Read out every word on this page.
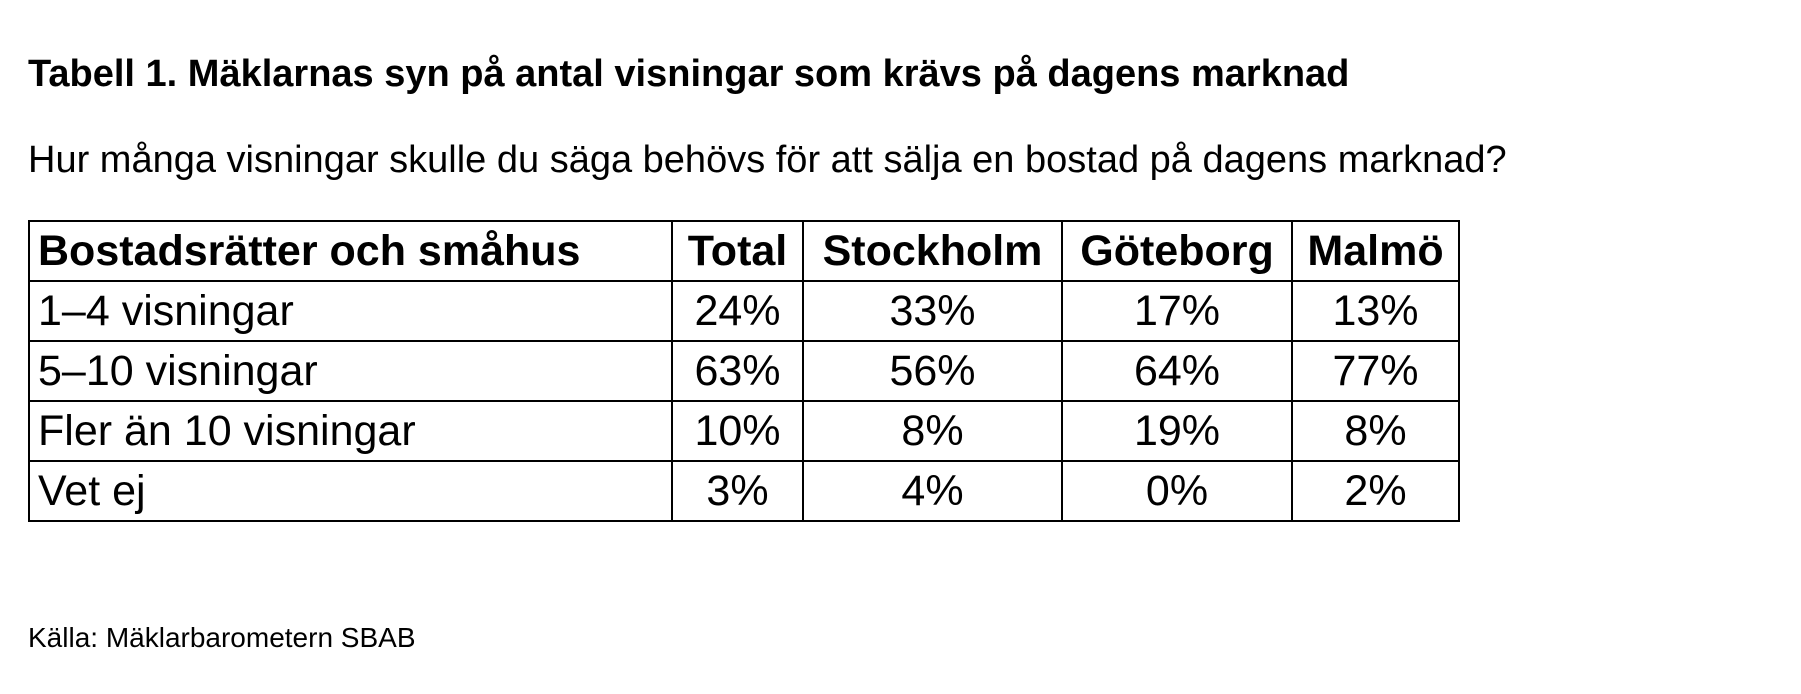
Tabell 1. Mäklarnas syn på antal visningar som krävs på dagens marknad

Hur många visningar skulle du säga behövs för att sälja en bostad på dagens marknad?

Bostadsrätter och småhus	Total	Stockholm	Göteborg	Malmö
1–4 visningar	24%	33%	17%	13%
5–10 visningar	63%	56%	64%	77%
Fler än 10 visningar	10%	8%	19%	8%
Vet ej	3%	4%	0%	2%

Källa: Mäklarbarometern SBAB
